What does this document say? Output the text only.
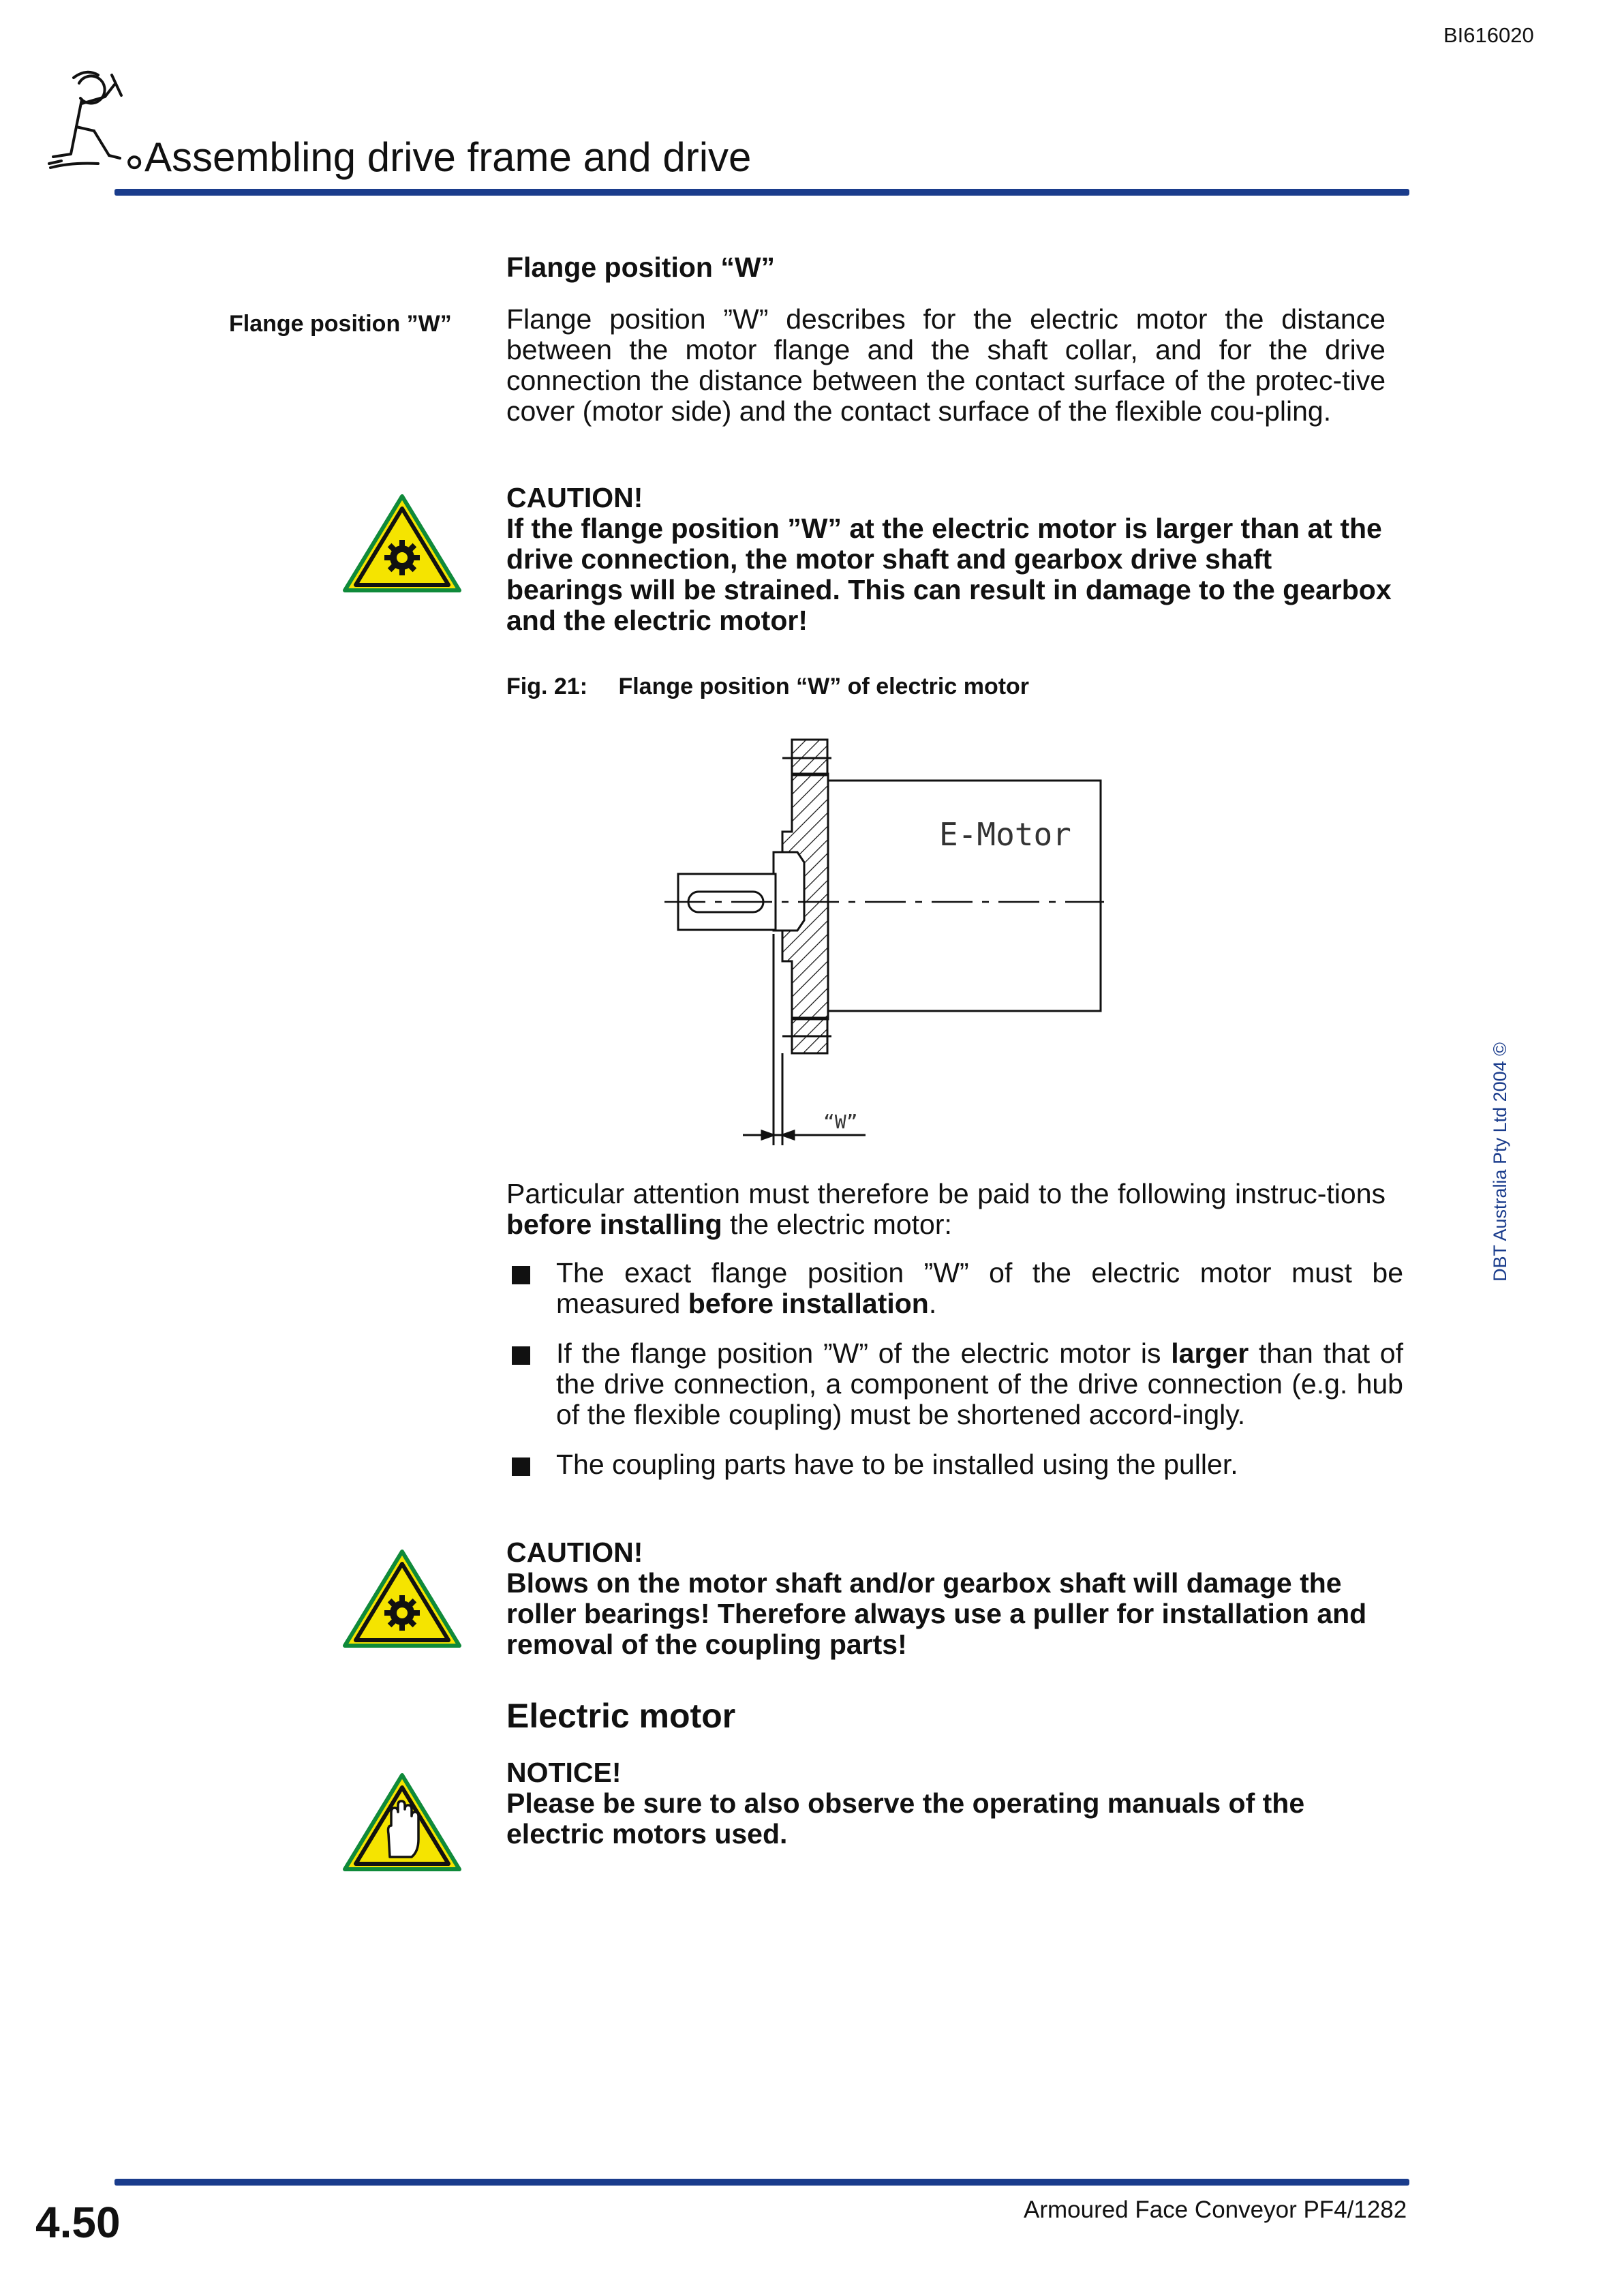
BI616020
Assembling drive frame and drive
Flange position “W”
Flange position ”W” Flange position ”W” describes for the electric motor the distance between the motor flange and the shaft collar, and for the drive connection the distance between the contact surface of the protec-tive cover (motor side) and the contact surface of the flexible cou-pling.
CAUTION!
If the flange position ”W” at the electric motor is larger than at the drive connection, the motor shaft and gearbox drive shaft bearings will be strained. This can result in damage to the gearbox and the electric motor!
Fig. 21: Flange position “W” of electric motor
E-Motor
“W”
Particular attention must therefore be paid to the following instruc-tions before installing the electric motor:
The exact flange position ”W” of the electric motor must be measured before installation.
If the flange position ”W” of the electric motor is larger than that of the drive connection, a component of the drive connection (e.g. hub of the flexible coupling) must be shortened accord-ingly.
The coupling parts have to be installed using the puller.
CAUTION!
Blows on the motor shaft and/or gearbox shaft will damage the roller bearings! Therefore always use a puller for installation and removal of the coupling parts!
Electric motor
NOTICE!
Please be sure to also observe the operating manuals of the electric motors used.
DBT Australia Pty Ltd 2004 ©
4.50	Armoured Face Conveyor PF4/1282
